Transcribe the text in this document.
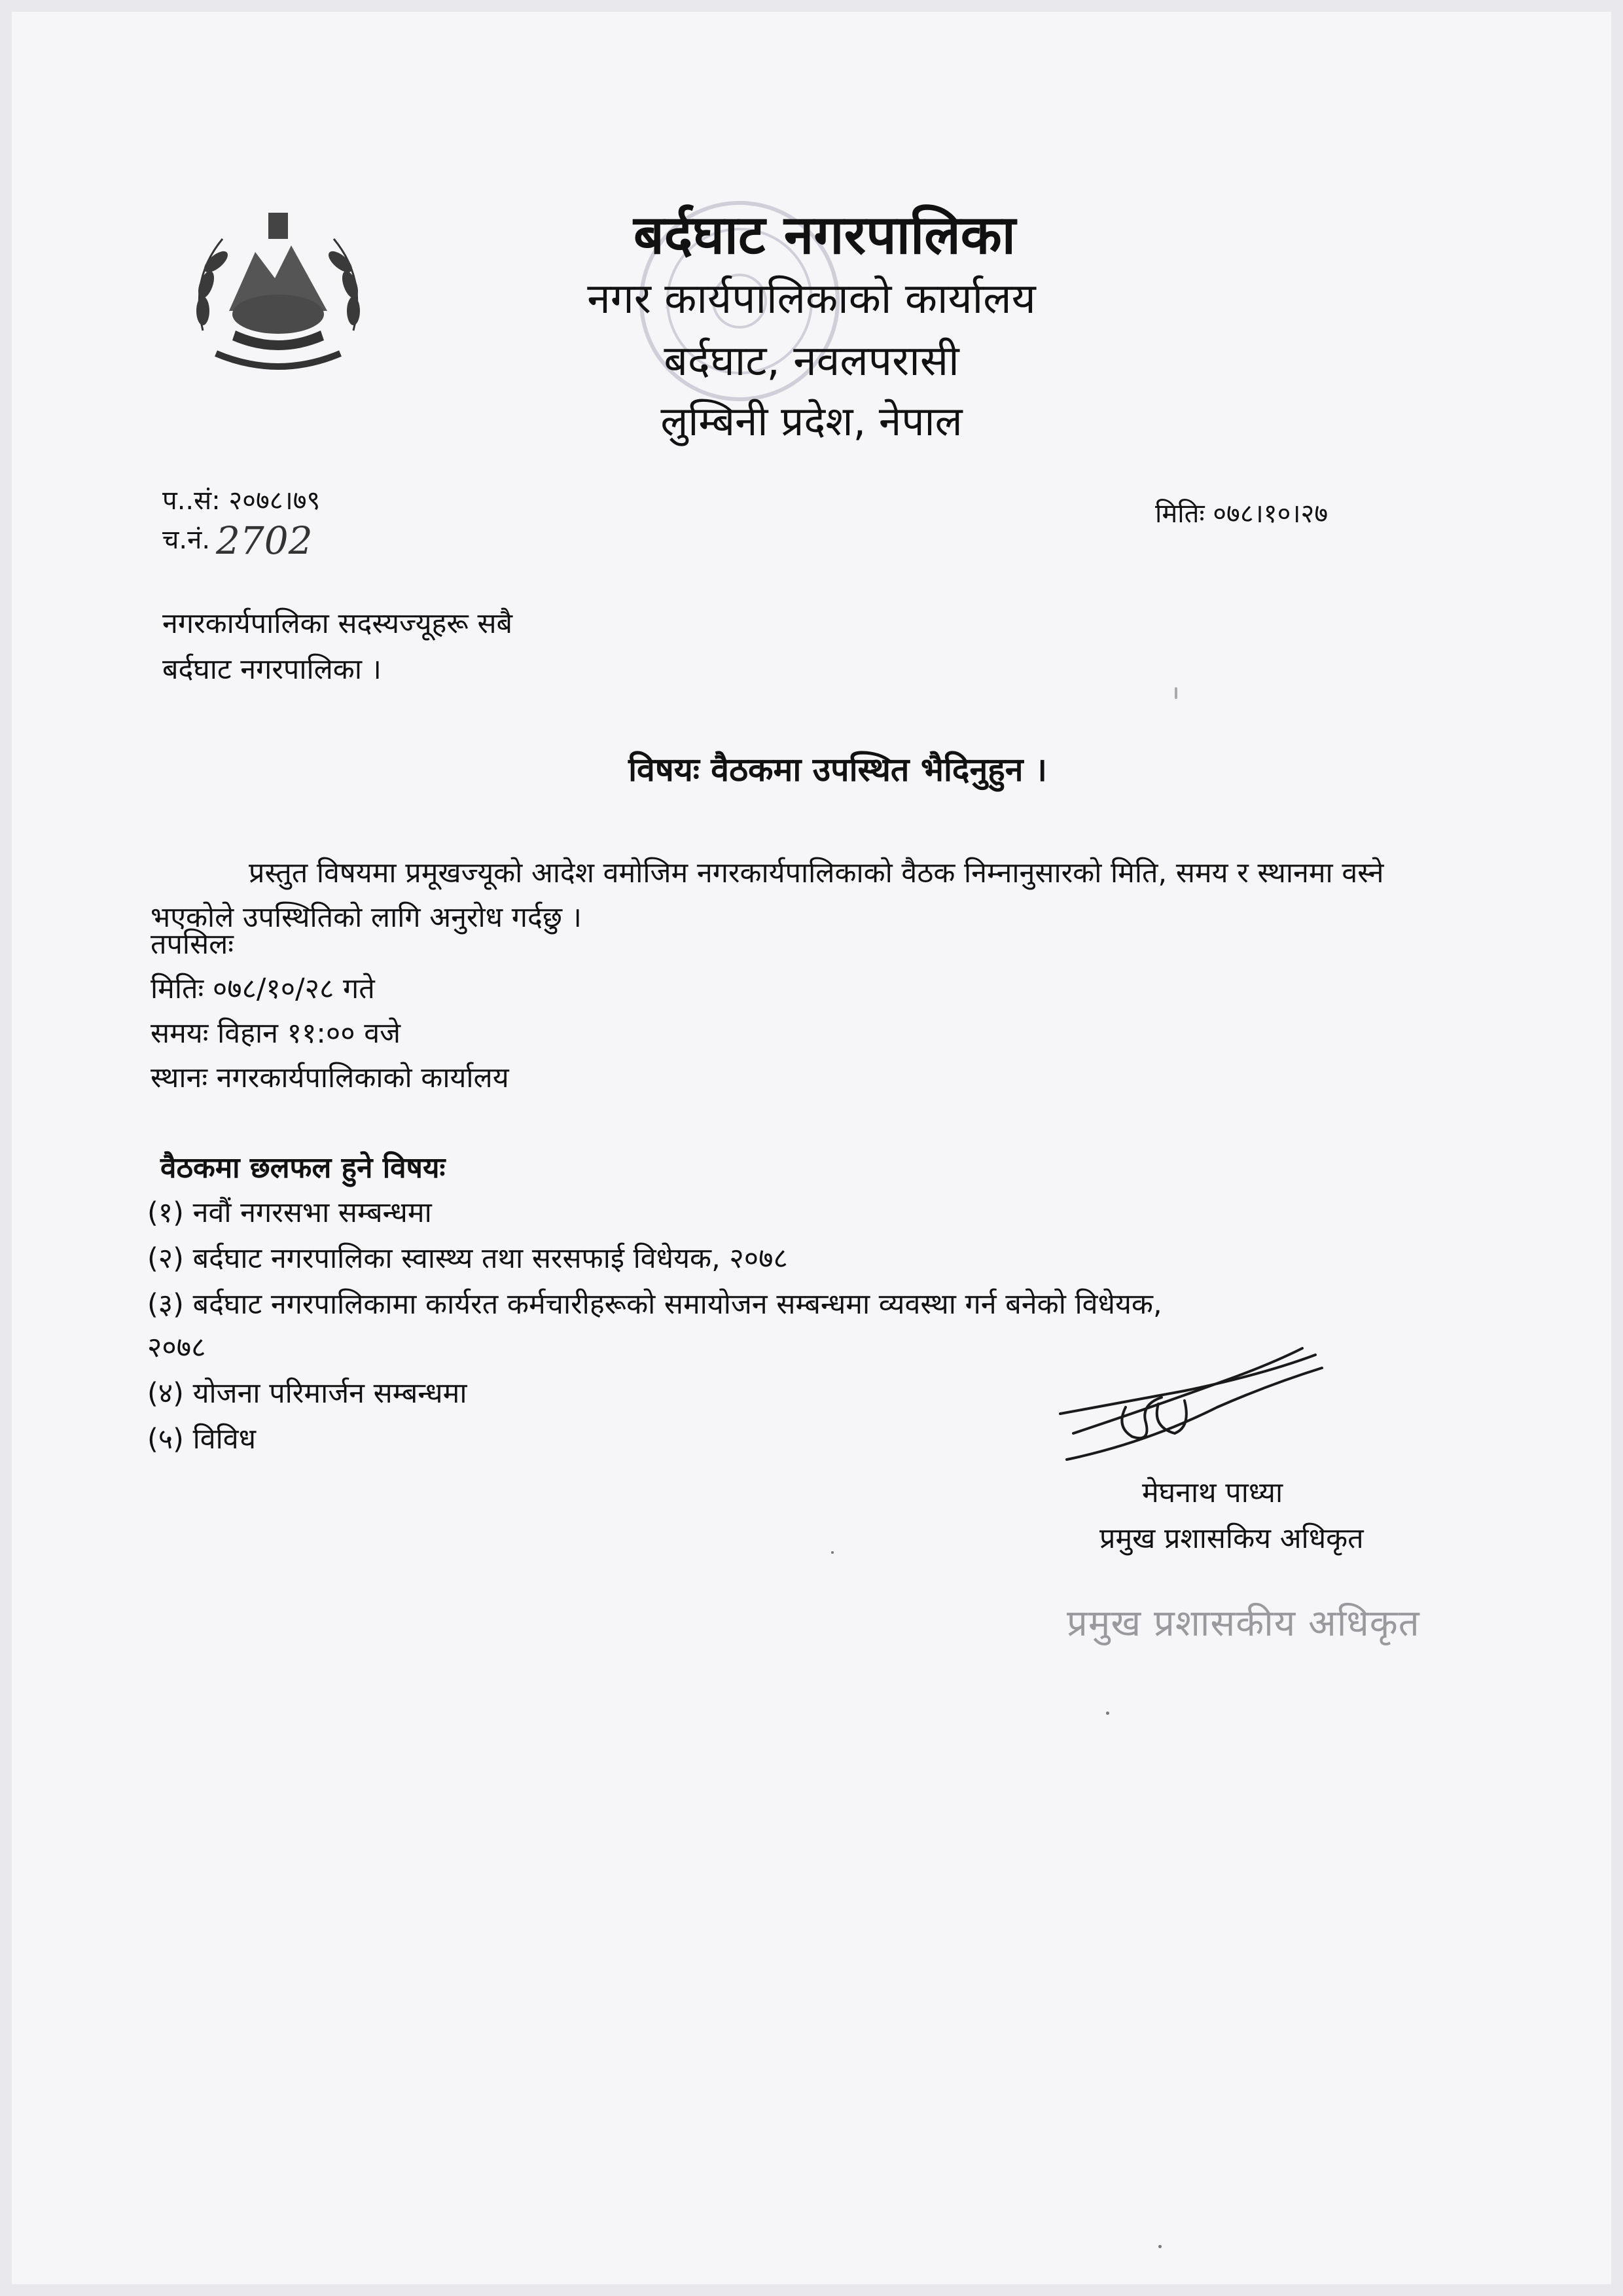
बर्दघाट नगरपालिका
नगर कार्यपालिकाको कार्यालय
बर्दघाट, नवलपरासी
लुम्बिनी प्रदेश, नेपाल
प..सं: २०७८।७९
च.नं. 2702
मितिः ०७८।१०।२७
नगरकार्यपालिका सदस्यज्यूहरू सबै
बर्दघाट नगरपालिका ।
विषयः वैठकमा उपस्थित भैदिनुहुन ।
प्रस्तुत विषयमा प्रमूखज्यूको आदेश वमोजिम नगरकार्यपालिकाको वैठक निम्नानुसारको मिति, समय र स्थानमा वस्ने भएकोले उपस्थितिको लागि अनुरोध गर्दछु ।
तपसिलः
मितिः ०७८/१०/२८ गते
समयः विहान ११:०० वजे
स्थानः नगरकार्यपालिकाको कार्यालय
वैठकमा छलफल हुने विषयः
(१) नवौं नगरसभा सम्बन्धमा
(२) बर्दघाट नगरपालिका स्वास्थ्य तथा सरसफाई विधेयक, २०७८
(३) बर्दघाट नगरपालिकामा कार्यरत कर्मचारीहरूको समायोजन सम्बन्धमा व्यवस्था गर्न बनेको विधेयक,
२०७८
(४) योजना परिमार्जन सम्बन्धमा
(५) विविध
मेघनाथ पाध्या
प्रमुख प्रशासकिय अधिकृत
प्रमुख प्रशासकीय अधिकृत
